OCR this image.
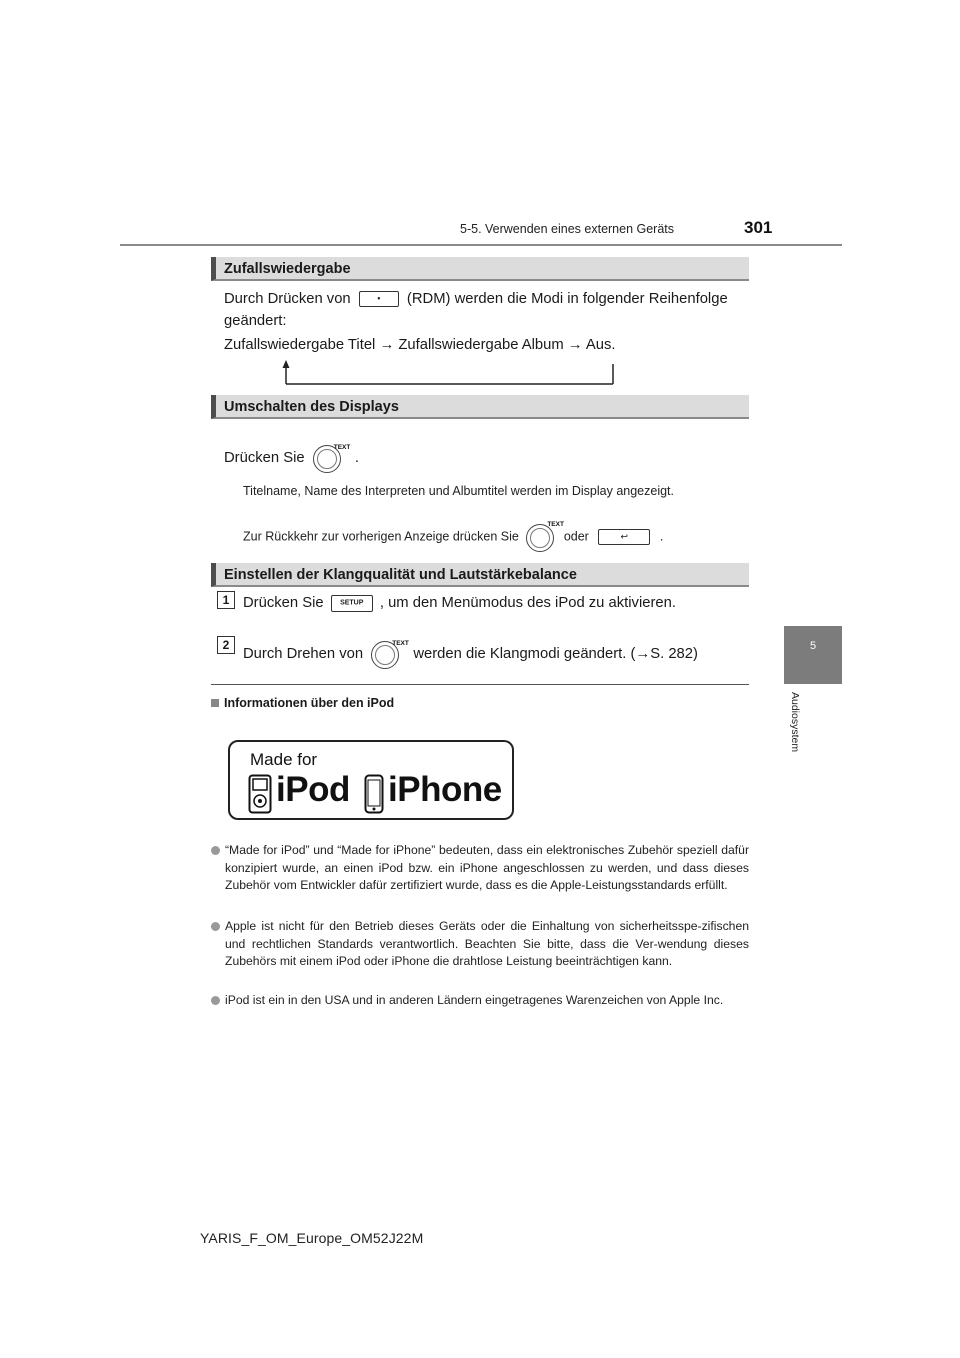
5-5. Verwenden eines externen Geräts	301
5
Audiosystem
Zufallswiedergabe
Durch Drücken von	• (RDM) werden die Modi in folgender Reihenfolge
geändert:
Zufallswiedergabe Titel → Zufallswiedergabe Album → Aus.
Umschalten des Displays
Drücken Sie
TEXT
.
Titelname, Name des Interpreten und Albumtitel werden im Display angezeigt.
Zur Rückkehr zur vorherigen Anzeige drücken Sie
TEXT
oder	↩	.
Einstellen der Klangqualität und Lautstärkebalance
1 Drücken Sie SETUP , um den Menümodus des iPod zu aktivieren.
2
Durch Drehen von
TEXT
werden die Klangmodi geändert. (→S. 282)
Informationen über den iPod
Made for
iPod iPhone

“Made for iPod” und “Made for iPhone” bedeuten, dass ein elektronisches Zubehör speziell dafür konzipiert wurde, an einen iPod bzw. ein iPhone angeschlossen zu werden, und dass dieses Zubehör vom Entwickler dafür zertifiziert wurde, dass es die Apple-Leistungsstandards erfüllt.

Apple ist nicht für den Betrieb dieses Geräts oder die Einhaltung von sicherheitsspe-zifischen und rechtlichen Standards verantwortlich. Beachten Sie bitte, dass die Ver-wendung dieses Zubehörs mit einem iPod oder iPhone die drahtlose Leistung beeinträchtigen kann.

iPod ist ein in den USA und in anderen Ländern eingetragenes Warenzeichen von Apple Inc.

YARIS_F_OM_Europe_OM52J22M
